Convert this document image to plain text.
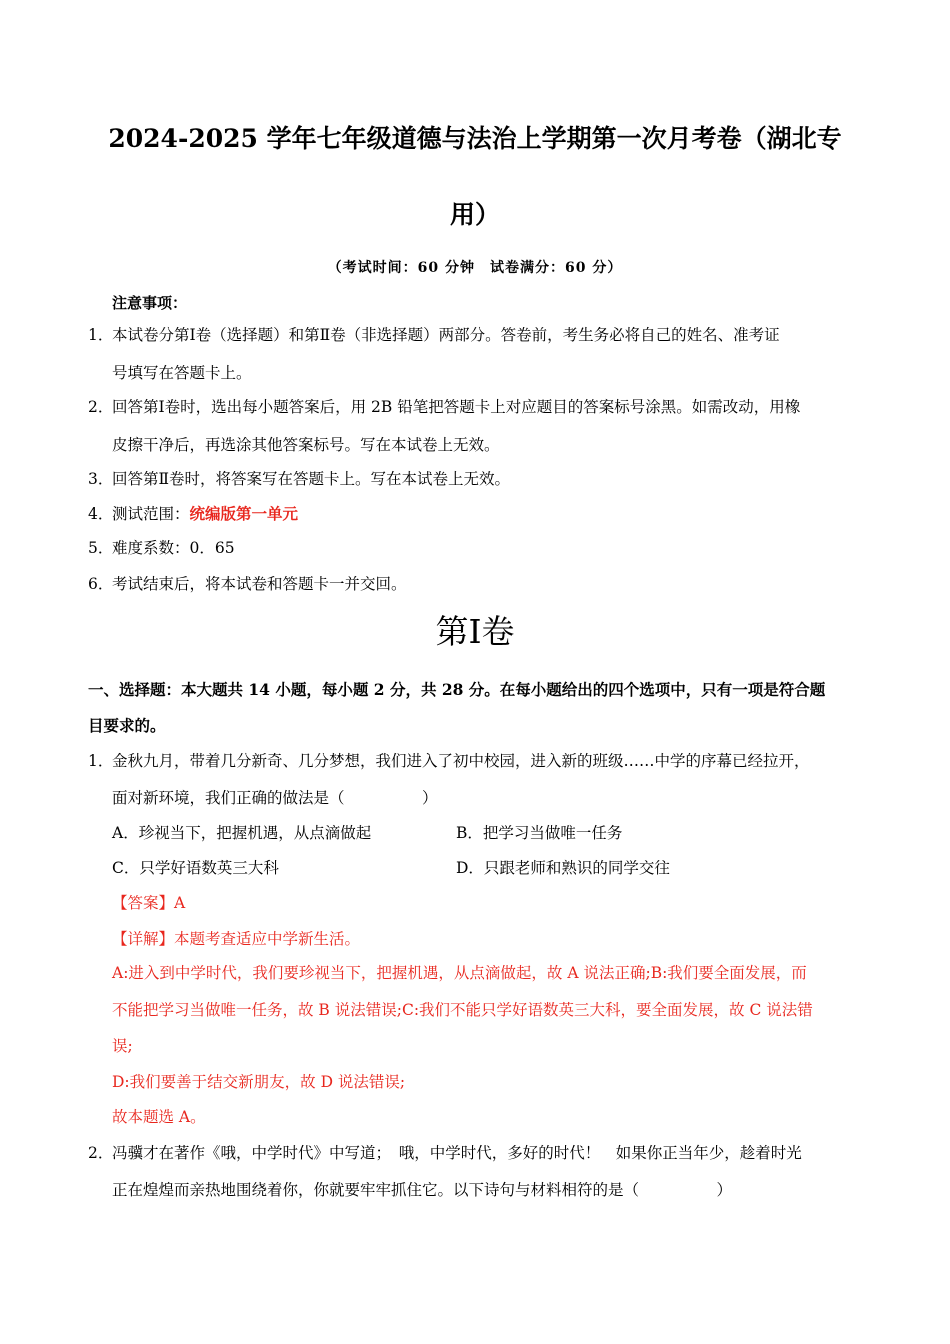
2024-2025 学年七年级道德与法治上学期第一次月考卷（湖北专
用）
（考试时间：60 分钟　试卷满分：60 分）
注意事项：
1．
本试卷分第Ⅰ卷（选择题）和第Ⅱ卷（非选择题）两部分。答卷前，考生务必将自己的姓名、准考证
号填写在答题卡上。
2．
回答第Ⅰ卷时，选出每小题答案后，用 2B 铅笔把答题卡上对应题目的答案标号涂黑。如需改动，用橡
皮擦干净后，再选涂其他答案标号。写在本试卷上无效。
3．
回答第Ⅱ卷时，将答案写在答题卡上。写在本试卷上无效。
4．
测试范围：统编版第一单元
5．
难度系数：0．65
6．
考试结束后，将本试卷和答题卡一并交回。
第Ⅰ卷
一、选择题：本大题共 14 小题，每小题 2 分，共 28 分。在每小题给出的四个选项中，只有一项是符合题
目要求的。
1．
金秋九月，带着几分新奇、几分梦想，我们进入了初中校园，进入新的班级……中学的序幕已经拉开，
面对新环境，我们正确的做法是（　　　　　）
A．珍视当下，把握机遇，从点滴做起	B．把学习当做唯一任务
C．只学好语数英三大科	D．只跟老师和熟识的同学交往
【答案】A
【详解】本题考查适应中学新生活。
A:进入到中学时代，我们要珍视当下，把握机遇，从点滴做起，故 A 说法正确;B:我们要全面发展，而
不能把学习当做唯一任务，故 B 说法错误;C:我们不能只学好语数英三大科，要全面发展，故 C 说法错
误;
D:我们要善于结交新朋友，故 D 说法错误;
故本题选 A。
2．
冯骥才在著作《哦，中学时代》中写道；　哦，中学时代，多好的时代！　如果你正当年少，趁着时光
正在煌煌而亲热地围绕着你，你就要牢牢抓住它。以下诗句与材料相符的是（　　　　　）
